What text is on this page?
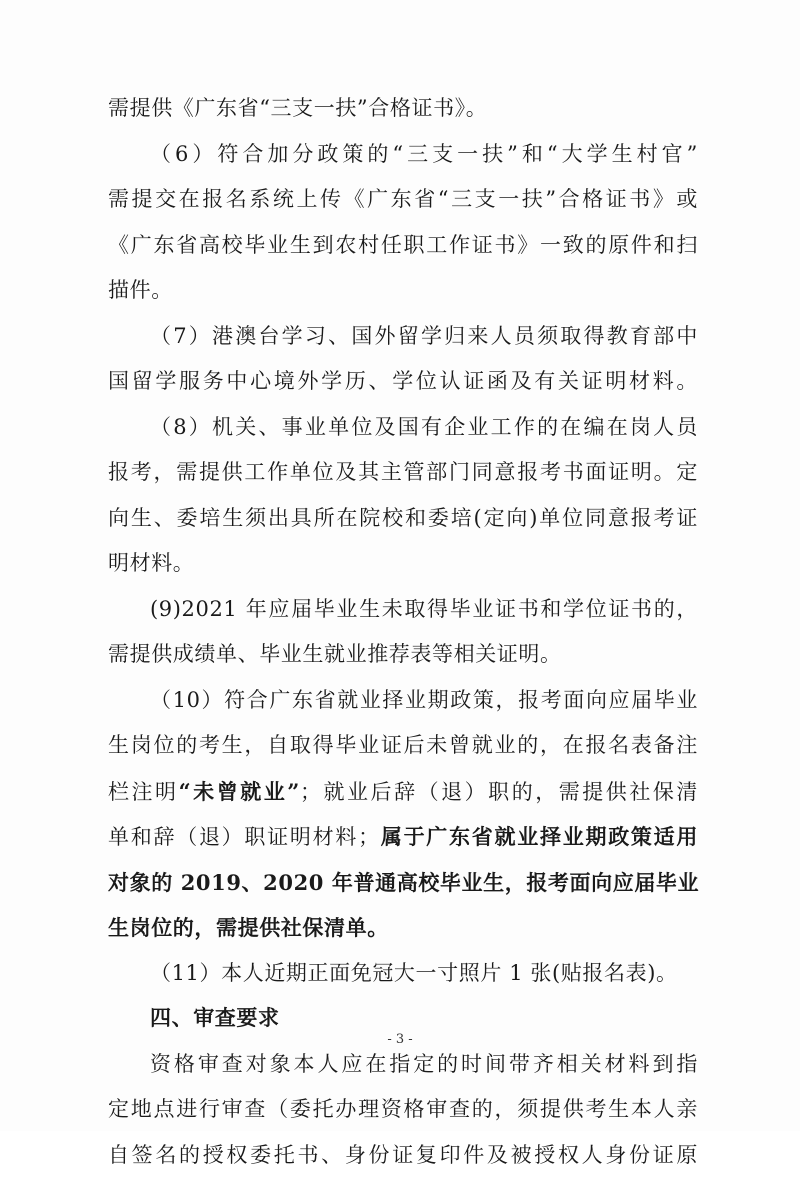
需提供《广东省“三支一扶”合格证书》。
（6）符合加分政策的“三支一扶”和“大学生村官”
需提交在报名系统上传《广东省“三支一扶”合格证书》或
《广东省高校毕业生到农村任职工作证书》一致的原件和扫
描件。
（7）港澳台学习、国外留学归来人员须取得教育部中
国留学服务中心境外学历、学位认证函及有关证明材料。
（8）机关、事业单位及国有企业工作的在编在岗人员
报考，需提供工作单位及其主管部门同意报考书面证明。定
向生、委培生须出具所在院校和委培(定向)单位同意报考证
明材料。
(9)2021 年应届毕业生未取得毕业证书和学位证书的，
需提供成绩单、毕业生就业推荐表等相关证明。
（10）符合广东省就业择业期政策，报考面向应届毕业
生岗位的考生，自取得毕业证后未曾就业的，在报名表备注
栏注明“未曾就业”；就业后辞（退）职的，需提供社保清
单和辞（退）职证明材料；属于广东省就业择业期政策适用
对象的 2019、2020 年普通高校毕业生，报考面向应届毕业
生岗位的，需提供社保清单。
（11）本人近期正面免冠大一寸照片 1 张(贴报名表)。
四、审查要求
资格审查对象本人应在指定的时间带齐相关材料到指
定地点进行审查（委托办理资格审查的，须提供考生本人亲
自签名的授权委托书、身份证复印件及被授权人身份证原
- 3 -
